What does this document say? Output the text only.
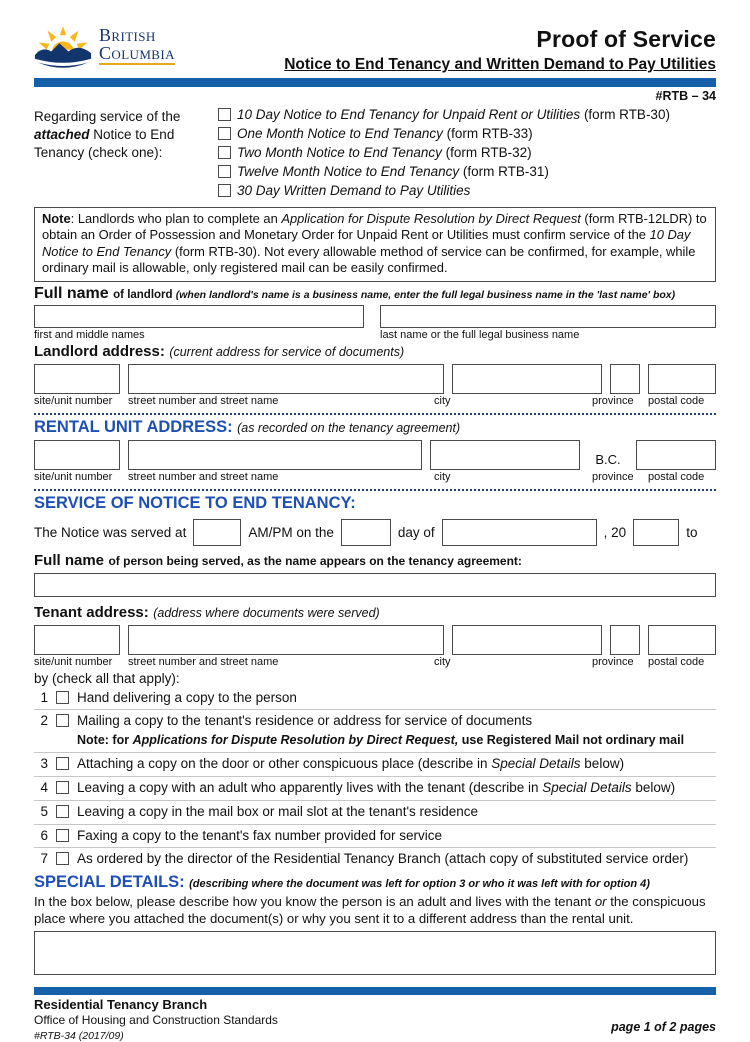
British
Columbia
Proof of Service
Notice to End Tenancy and Written Demand to Pay Utilities
#RTB – 34
Regarding service of the attached Notice to End Tenancy (check one):
10 Day Notice to End Tenancy for Unpaid Rent or Utilities (form RTB-30)
One Month Notice to End Tenancy (form RTB-33)
Two Month Notice to End Tenancy (form RTB-32)
Twelve Month Notice to End Tenancy (form RTB-31)
30 Day Written Demand to Pay Utilities
Note: Landlords who plan to complete an Application for Dispute Resolution by Direct Request (form RTB-12LDR) to obtain an Order of Possession and Monetary Order for Unpaid Rent or Utilities must confirm service of the 10 Day Notice to End Tenancy (form RTB-30). Not every allowable method of service can be confirmed, for example, while ordinary mail is allowable, only registered mail can be easily confirmed.
Full name of landlord (when landlord's name is a business name, enter the full legal business name in the 'last name' box)
first and middle names	last name or the full legal business name
Landlord address: (current address for service of documents)
site/unit number	street number and street name	city	province	postal code
RENTAL UNIT ADDRESS: (as recorded on the tenancy agreement)
B.C.
site/unit number	street number and street name	city	province	postal code
SERVICE OF NOTICE TO END TENANCY:
The Notice was served at	AM/PM on the	day of	, 20	to
Full name of person being served, as the name appears on the tenancy agreement:
Tenant address: (address where documents were served)
site/unit number	street number and street name	city	province	postal code
by (check all that apply):
1 Hand delivering a copy to the person
2 Mailing a copy to the tenant's residence or address for service of documents
Note: for Applications for Dispute Resolution by Direct Request, use Registered Mail not ordinary mail
3 Attaching a copy on the door or other conspicuous place (describe in Special Details below)
4 Leaving a copy with an adult who apparently lives with the tenant (describe in Special Details below)
5 Leaving a copy in the mail box or mail slot at the tenant's residence
6 Faxing a copy to the tenant's fax number provided for service
7 As ordered by the director of the Residential Tenancy Branch (attach copy of substituted service order)
SPECIAL DETAILS: (describing where the document was left for option 3 or who it was left with for option 4)
In the box below, please describe how you know the person is an adult and lives with the tenant or the conspicuous place where you attached the document(s) or why you sent it to a different address than the rental unit.
Residential Tenancy Branch
Office of Housing and Construction Standards
#RTB-34 (2017/09)
page 1 of 2 pages
